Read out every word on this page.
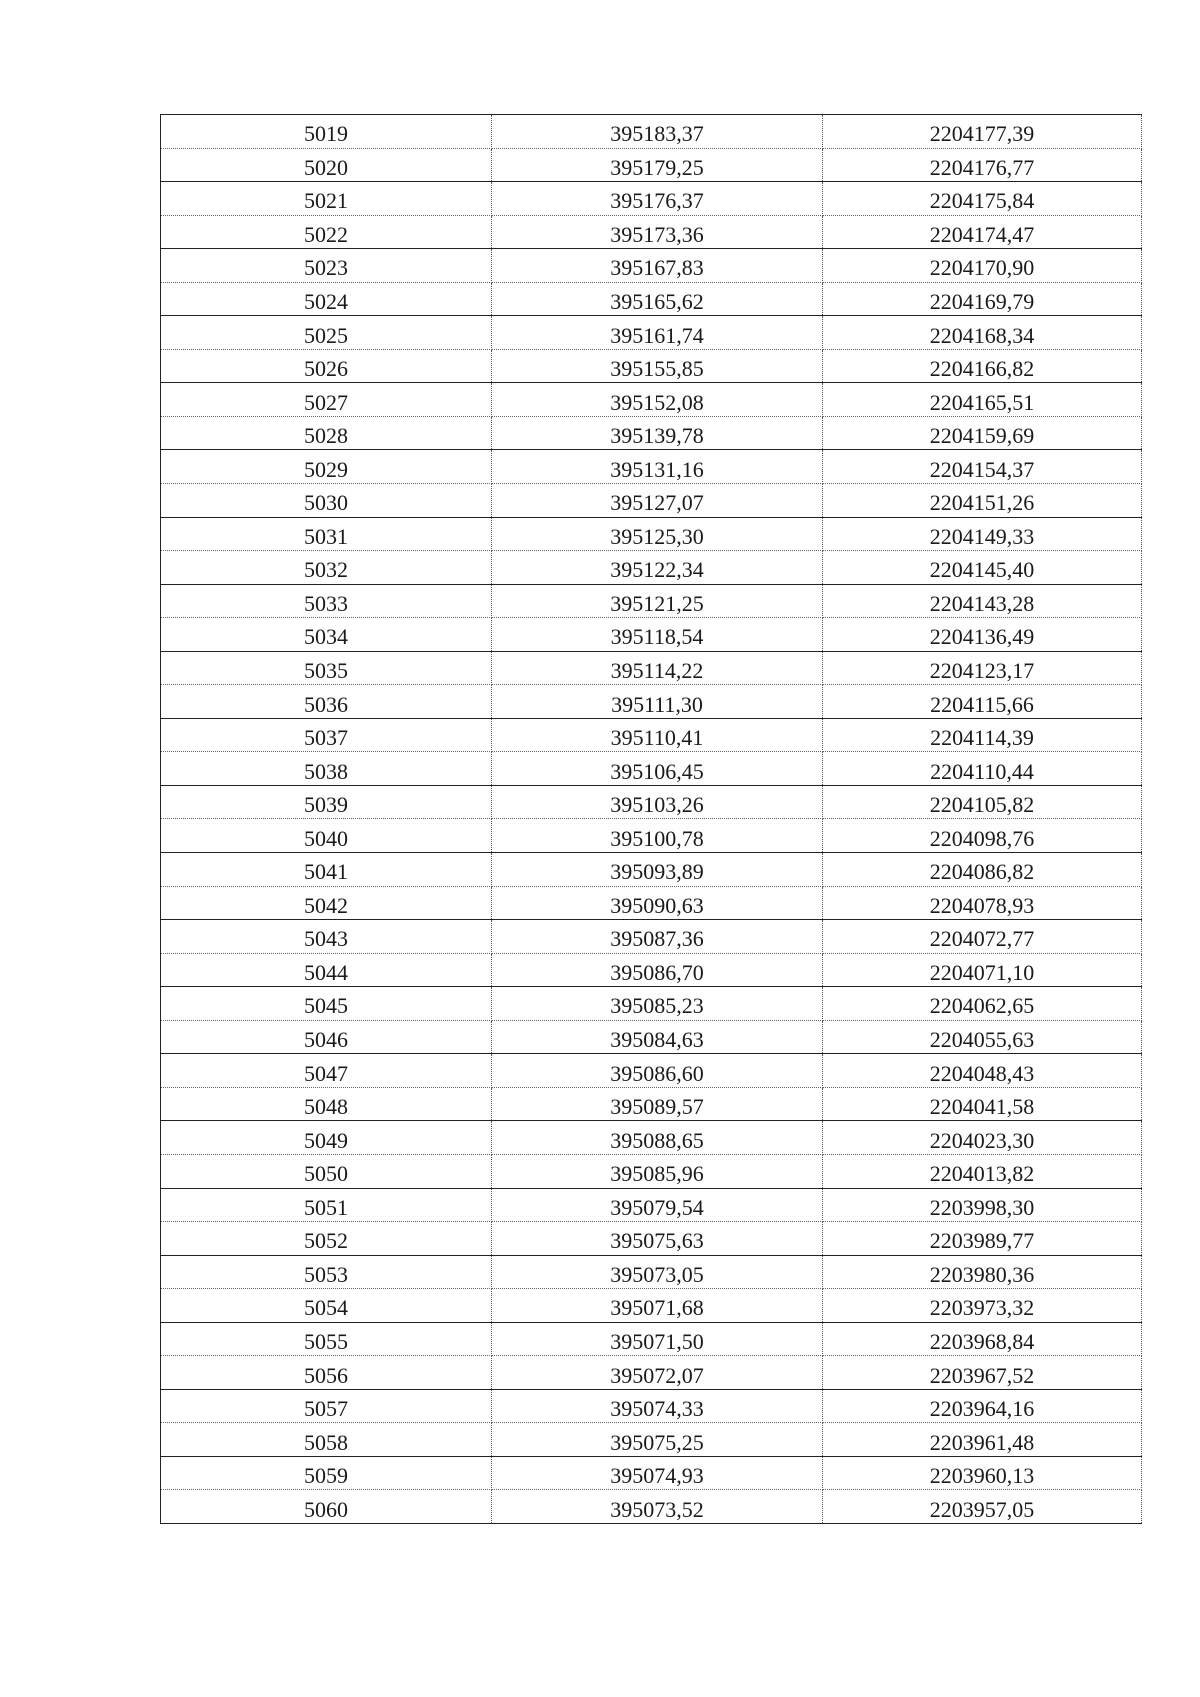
5019	395183,37	2204177,39
5020	395179,25	2204176,77
5021	395176,37	2204175,84
5022	395173,36	2204174,47
5023	395167,83	2204170,90
5024	395165,62	2204169,79
5025	395161,74	2204168,34
5026	395155,85	2204166,82
5027	395152,08	2204165,51
5028	395139,78	2204159,69
5029	395131,16	2204154,37
5030	395127,07	2204151,26
5031	395125,30	2204149,33
5032	395122,34	2204145,40
5033	395121,25	2204143,28
5034	395118,54	2204136,49
5035	395114,22	2204123,17
5036	395111,30	2204115,66
5037	395110,41	2204114,39
5038	395106,45	2204110,44
5039	395103,26	2204105,82
5040	395100,78	2204098,76
5041	395093,89	2204086,82
5042	395090,63	2204078,93
5043	395087,36	2204072,77
5044	395086,70	2204071,10
5045	395085,23	2204062,65
5046	395084,63	2204055,63
5047	395086,60	2204048,43
5048	395089,57	2204041,58
5049	395088,65	2204023,30
5050	395085,96	2204013,82
5051	395079,54	2203998,30
5052	395075,63	2203989,77
5053	395073,05	2203980,36
5054	395071,68	2203973,32
5055	395071,50	2203968,84
5056	395072,07	2203967,52
5057	395074,33	2203964,16
5058	395075,25	2203961,48
5059	395074,93	2203960,13
5060	395073,52	2203957,05
